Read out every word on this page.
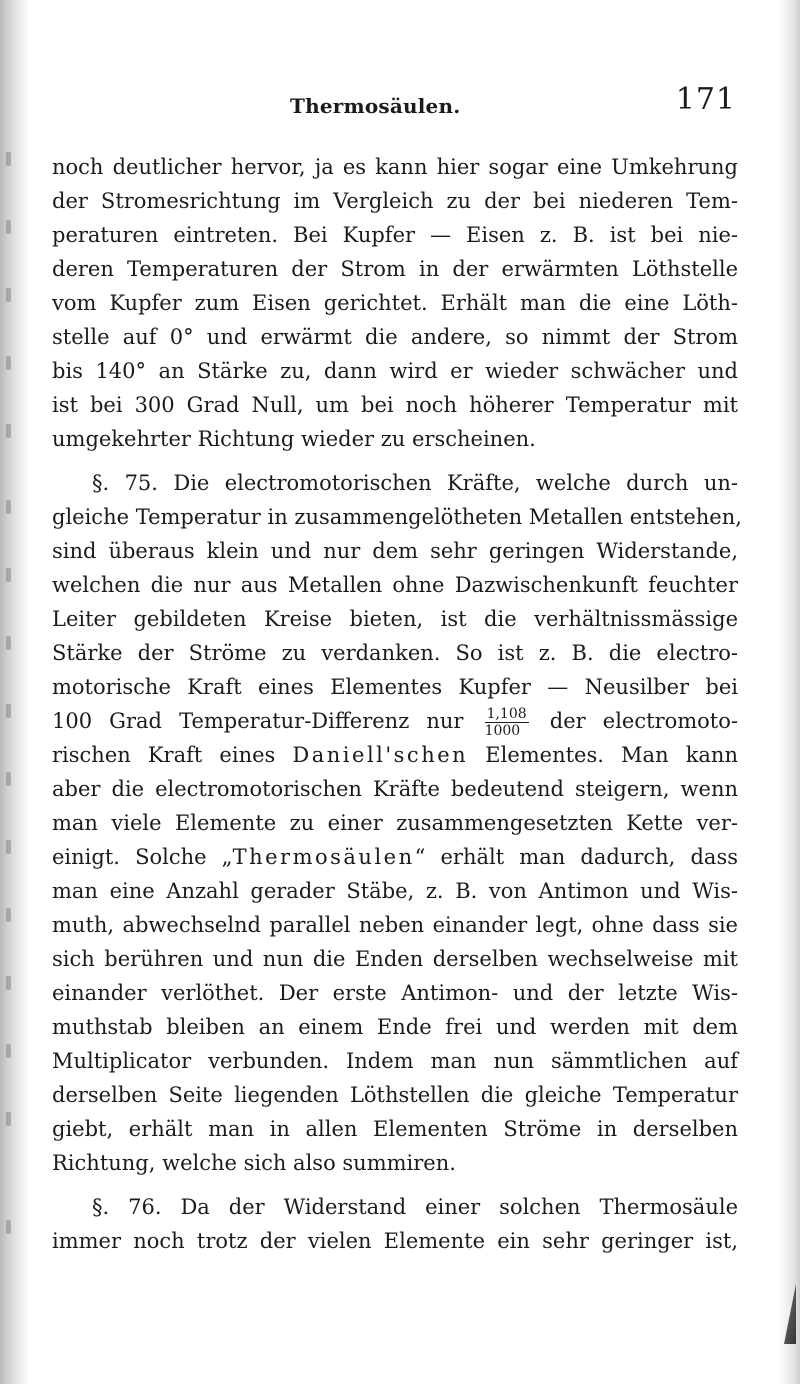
Thermosäulen.	171
noch deutlicher hervor, ja es kann hier sogar eine Umkehrung
der Stromesrichtung im Vergleich zu der bei niederen Tem-
peraturen eintreten. Bei Kupfer — Eisen z. B. ist bei nie-
deren Temperaturen der Strom in der erwärmten Löthstelle
vom Kupfer zum Eisen gerichtet. Erhält man die eine Löth-
stelle auf 0° und erwärmt die andere, so nimmt der Strom
bis 140° an Stärke zu, dann wird er wieder schwächer und
ist bei 300 Grad Null, um bei noch höherer Temperatur mit
umgekehrter Richtung wieder zu erscheinen.
§. 75. Die electromotorischen Kräfte, welche durch un-
gleiche Temperatur in zusammengelötheten Metallen entstehen,
sind überaus klein und nur dem sehr geringen Widerstande,
welchen die nur aus Metallen ohne Dazwischenkunft feuchter
Leiter gebildeten Kreise bieten, ist die verhältnissmässige
Stärke der Ströme zu verdanken. So ist z. B. die electro-
motorische Kraft eines Elementes Kupfer — Neusilber bei
100 Grad Temperatur-Differenz nur $\frac{1,108}{1000}$ der electromoto-
rischen Kraft eines Daniell'schen Elementes. Man kann
aber die electromotorischen Kräfte bedeutend steigern, wenn
man viele Elemente zu einer zusammengesetzten Kette ver-
einigt. Solche „Thermosäulen“ erhält man dadurch, dass
man eine Anzahl gerader Stäbe, z. B. von Antimon und Wis-
muth, abwechselnd parallel neben einander legt, ohne dass sie
sich berühren und nun die Enden derselben wechselweise mit
einander verlöthet. Der erste Antimon- und der letzte Wis-
muthstab bleiben an einem Ende frei und werden mit dem
Multiplicator verbunden. Indem man nun sämmtlichen auf
derselben Seite liegenden Löthstellen die gleiche Temperatur
giebt, erhält man in allen Elementen Ströme in derselben
Richtung, welche sich also summiren.
§. 76. Da der Widerstand einer solchen Thermosäule
immer noch trotz der vielen Elemente ein sehr geringer ist,
